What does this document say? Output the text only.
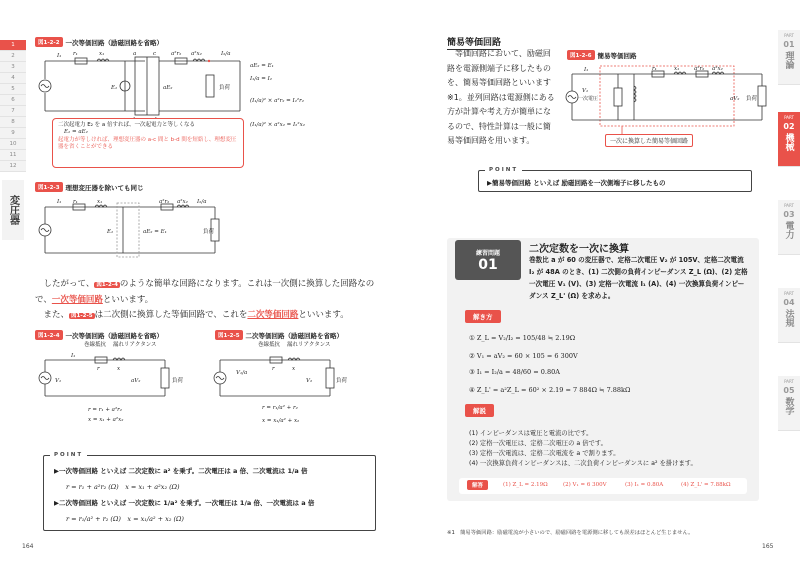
1
2
3
4
5
6
7
8
9
10
11
12
変圧器
図1-2-2 一次等価回路（励磁回路を省略）
I₁ r₁	x₁
E₁
a	c
aE₂
a²r₂ a²x₂	I₂/a
負荷
aE₂ = E₁
I₁/a = I₂
(I₁/a)² × a²r₂ = I₂²r₂
(I₁/a)² × a²x₂ = I₂²x₂
二次起電力 E₂ を a 倍すれば、一次起電力と等しくなる
E₁ = aE₂
起電力が等しければ、理想変圧器の a-c 間と b-d 間を短絡し、理想変圧器を省くことができる
図1-2-3 理想変圧器を除いても同じ
I₁ r₁	x₁
E₁	aE₂ = E₁
a²r₂ a²x₂ I₂/a
負荷
したがって、 図1-2-4 のような簡単な回路になります。これは一次側に換算した回路なので、一次等価回路といいます。
また、 図1-2-5 は二次側に換算した等価回路で、これを二次等価回路といいます。
図1-2-4 一次等価回路（励磁回路を省略）
巻線抵抗 漏れリアクタンス
I₁
r	x
V₁	aV₂	負荷
r = r₁ + a²r₂
x = x₁ + a²x₂
図1-2-5 二次等価回路（励磁回路を省略）
巻線抵抗 漏れリアクタンス
V₁/a
r	x
V₂	負荷
r = r₁/a² + r₂
x = x₁/a² + x₂
POINT
▶一次等価回路 といえば 二次定数に a² を乗ず。二次電圧は a 倍、二次電流は 1/a 倍
r = r₁ + a²r₂ (Ω)　x = x₁ + a²x₂ (Ω)
▶二次等価回路 といえば 一次定数に 1/a² を乗ず。一次電圧は 1/a 倍、一次電流は a 倍
r = r₁/a² + r₂ (Ω)　x = x₁/a² + x₂ (Ω)
164
PART
01
理論
PART
02
機械
PART
03
電力
PART
04
法規
PART
05
数学
簡易等価回路
等価回路において、励磁回路を電源側端子に移したものを、簡易等価回路といいます※1。並列回路は電源側にある方が計算や考え方が簡単になるので、特性計算は一般に簡易等価回路を用います。
図1-2-6 簡易等価回路
I₁	r₁	x₁	a²r₂ a²x₂
aV₂
V₁
一次電圧	負荷
一次に換算した簡易等価回路
POINT
▶簡易等価回路 といえば 励磁回路を一次側端子に移したもの
練習問題
01
二次定数を一次に換算
巻数比 a が 60 の変圧器で、定格二次電圧 V₂ が 105V、定格二次電流 I₂ が 48A のとき、(1) 二次側の負荷インピーダンス Z_L (Ω)、(2) 定格一次電圧 V₁ (V)、(3) 定格一次電流 I₁ (A)、(4) 一次換算負荷インピーダンス Z_L' (Ω) を求めよ。
解き方
① Z_L = V₂/I₂ = 105/48 ≒ 2.19Ω
② V₁ = aV₂ = 60 × 105 = 6 300V
③ I₁ = I₂/a = 48/60 = 0.80A
④ Z_L' = a²Z_L = 60² × 2.19 = 7 884Ω ≒ 7.88kΩ
解説
(1) インピーダンスは電圧と電流の比です。
(2) 定格一次電圧は、定格二次電圧の a 倍です。
(3) 定格一次電流は、定格二次電流を a で割ります。
(4) 一次換算負荷インピーダンスは、二次負荷インピーダンスに a² を掛けます。
解答	(1) Z_L = 2.19Ω	(2) V₁ = 6 300V	(3) I₁ = 0.80A	(4) Z_L' = 7.88kΩ
※1　簡易等価回路：励磁電流が小さいので、励磁回路を電源側に移しても誤差はほとんど生じません。
165
